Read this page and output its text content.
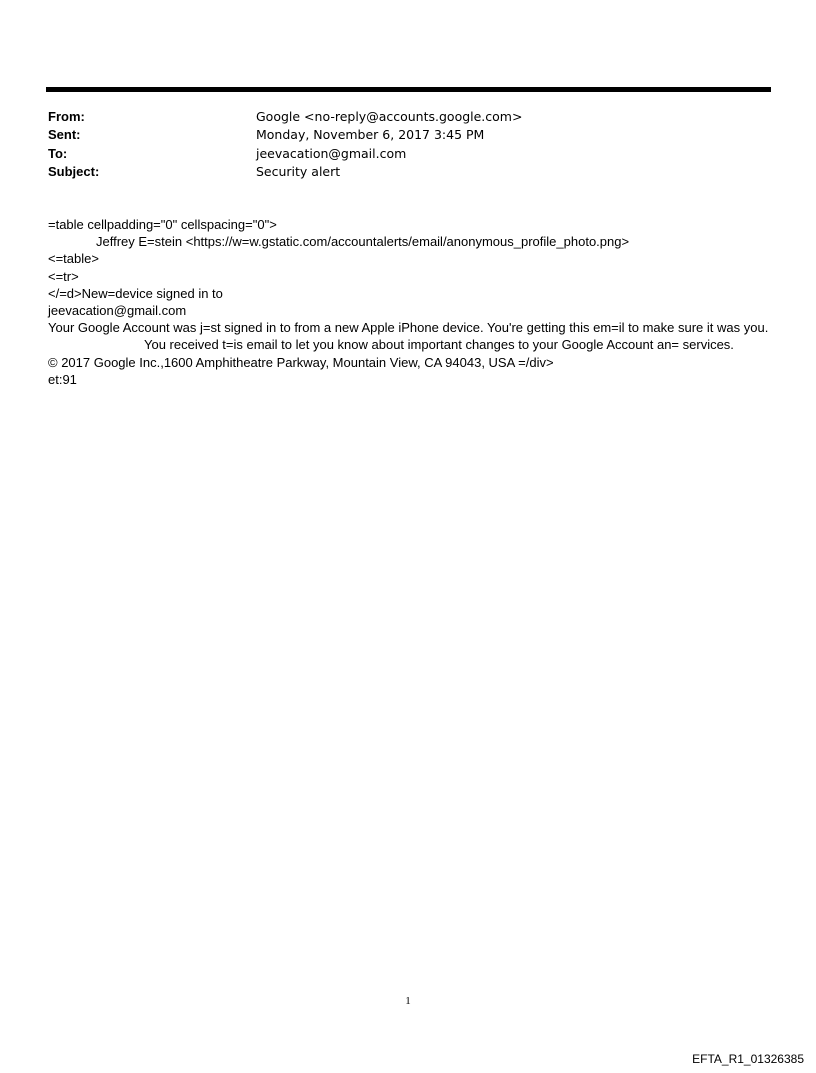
From:	Google <no-reply@accounts.google.com>
Sent:	Monday, November 6, 2017 3:45 PM
To:	jeevacation@gmail.com
Subject:	Security alert
=table cellpadding="0" cellspacing="0">
Jeffrey E=stein <https://w=w.gstatic.com/accountalerts/email/anonymous_profile_photo.png>
<=table>
<=tr>
</=d>New=device signed in to
jeevacation@gmail.com
Your Google Account was j=st signed in to from a new Apple iPhone device. You're getting this em=il to make sure it was you.
You received t=is email to let you know about important changes to your Google Account an= services.
© 2017 Google Inc.,1600 Amphitheatre Parkway, Mountain View, CA 94043, USA =/div>
et:91
1
EFTA_R1_01326385
